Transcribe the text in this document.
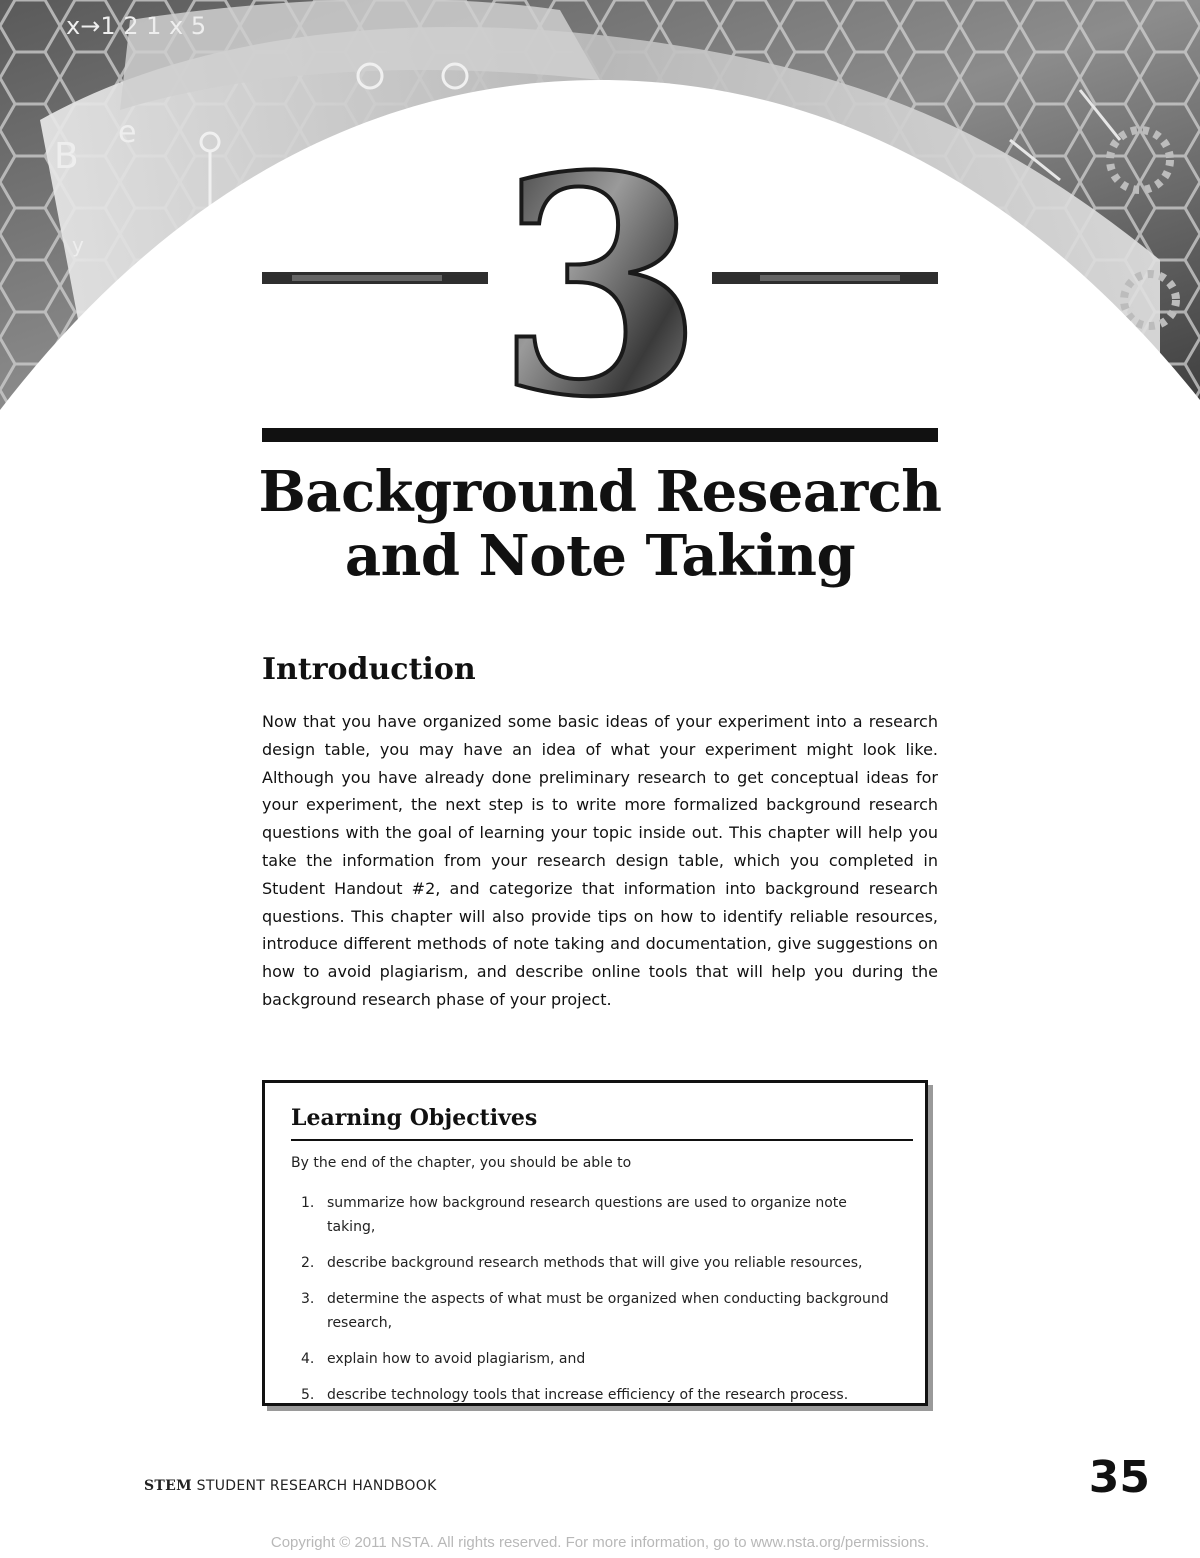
3
x→1 2 1 x 5
B
y
e
Background Research
and Note Taking
Introduction

Now that you have organized some basic ideas of your experiment into a research design table, you may have an idea of what your experiment might look like. Although you have already done preliminary research to get conceptual ideas for your experiment, the next step is to write more formalized background research questions with the goal of learning your topic inside out. This chapter will help you take the information from your research design table, which you completed in Student Handout #2, and categorize that information into background research questions. This chapter will also provide tips on how to identify reliable resources, introduce different methods of note taking and documentation, give suggestions on how to avoid plagiarism, and describe online tools that will help you during the background research phase of your project.

Learning Objectives
By the end of the chapter, you should be able to
1. summarize how background research questions are used to organize note taking,
2. describe background research methods that will give you reliable resources,
3. determine the aspects of what must be organized when conducting background research,
4. explain how to avoid plagiarism, and
5. describe technology tools that increase efficiency of the research process.
STEM STUDENT RESEARCH HANDBOOK	35
Copyright © 2011 NSTA. All rights reserved. For more information, go to www.nsta.org/permissions.
